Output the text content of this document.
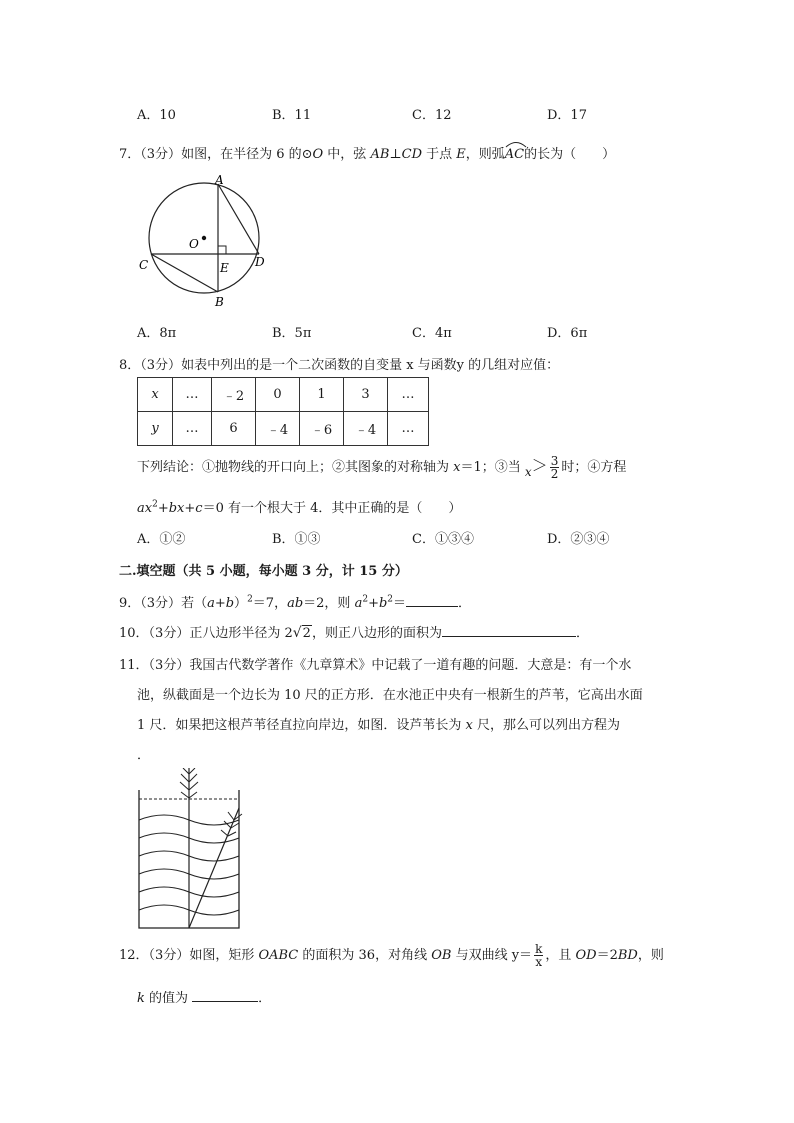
A．10	B．11	C．12	D．17
7．（3分）如图，在半径为 6 的⊙O 中，弦 AB⊥CD 于点 E，则弧
AC的长为（　　）
A
B
C	D
E
O
A．8π	B．5π	C．4π	D．6π
8．（3分）如表中列出的是一个二次函数的自变量 x 与函数y 的几组对应值：
x	…	﹣2	0	1	3	…
y	…	6	﹣4	﹣6	﹣4	…
下列结论：①抛物线的开口向上；②其图象的对称轴为 x＝1；③当 $x> \frac{3}{2}$ 时；④方程
$ax^2+bx+c=0$ 有一个根大于 4．其中正确的是（　　）
A．①②	B．①③	C．①③④	D．②③④
二.填空题（共 5 小题，每小题 3 分，计 15 分）
9．（3分）若$(a+b)^2=7$，ab＝2，则 $a^2+b^2=$	．
10．（3分）正八边形半径为 2√2，则正八边形的面积为	．
11．（3分）我国古代数学著作《九章算术》中记载了一道有趣的问题．大意是：有一个水
池，纵截面是一个边长为 10 尺的正方形．在水池正中央有一根新生的芦苇，它高出水面
1 尺．如果把这根芦苇径直拉向岸边，如图．设芦苇长为 x 尺，那么可以列出方程为
．
12．（3分）如图，矩形 OABC 的面积为 36，对角线 OB 与双曲线 $y= \frac{k}{x}$ ，且 OD＝2BD，则
k 的值为	．
